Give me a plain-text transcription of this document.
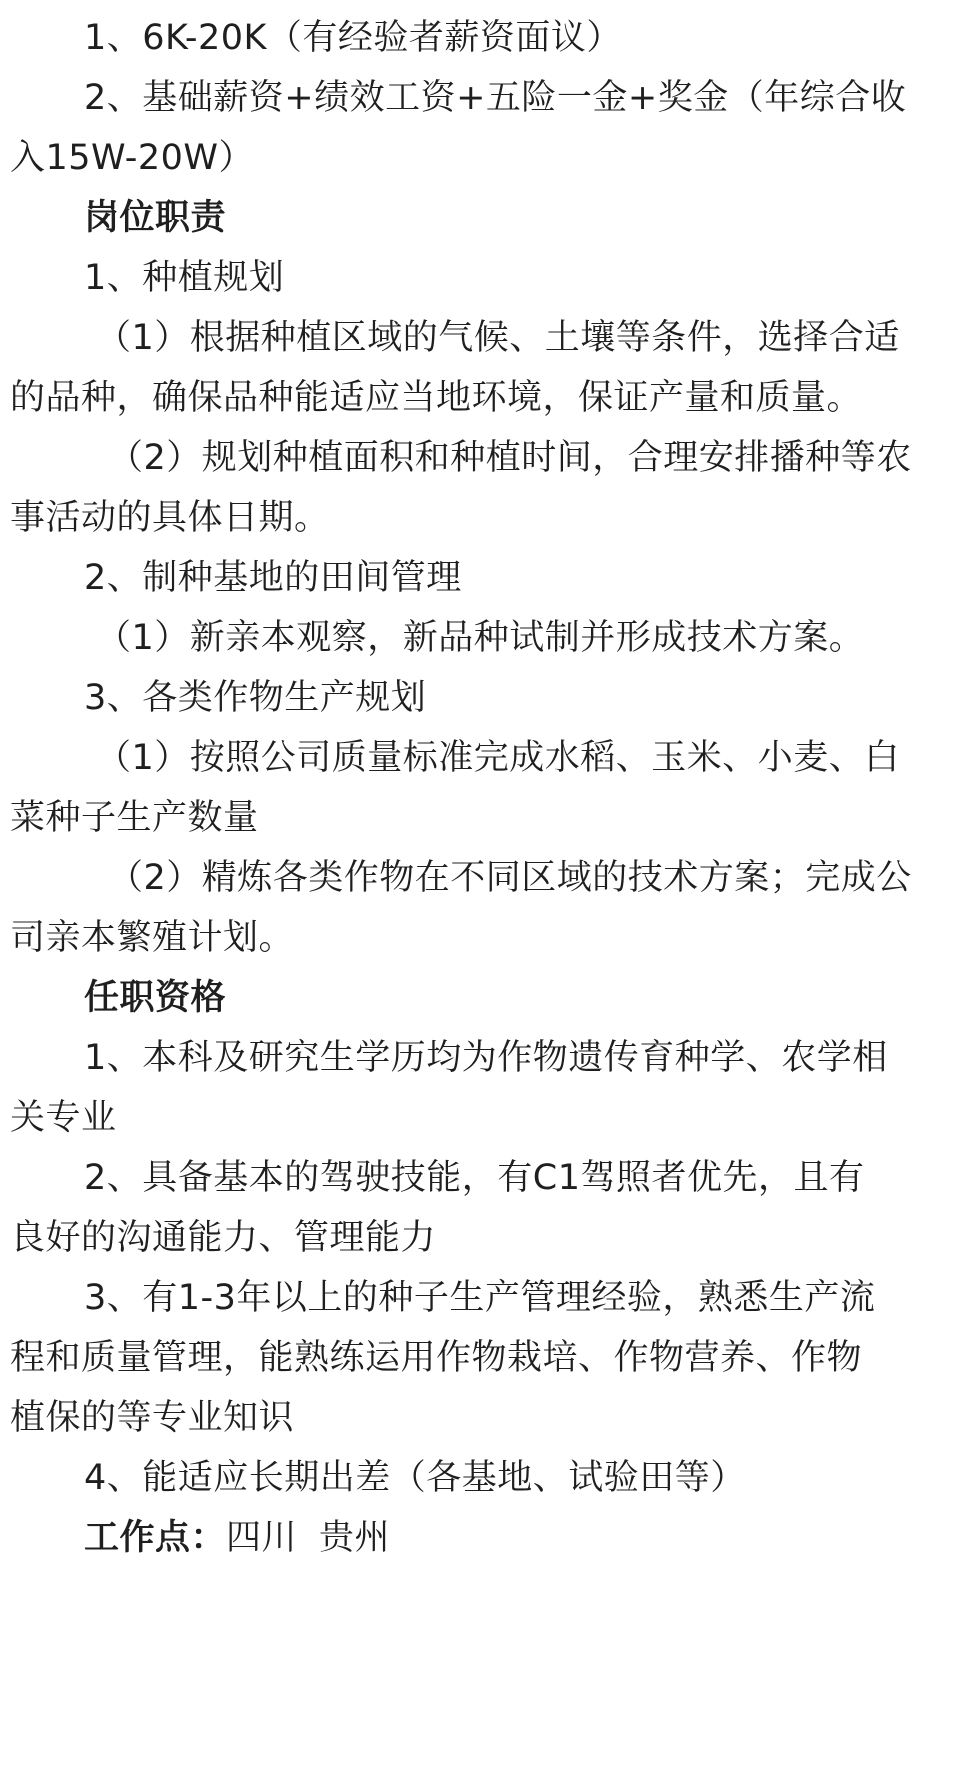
1、6K-20K（有经验者薪资面议）
2、基础薪资+绩效工资+五险一金+奖金（年综合收
入15W-20W）
岗位职责
1、种植规划
（1）根据种植区域的气候、土壤等条件，选择合适
的品种，确保品种能适应当地环境，保证产量和质量。
（2）规划种植面积和种植时间，合理安排播种等农
事活动的具体日期。
2、制种基地的田间管理
（1）新亲本观察，新品种试制并形成技术方案。
3、各类作物生产规划
（1）按照公司质量标准完成水稻、玉米、小麦、白
菜种子生产数量
（2）精炼各类作物在不同区域的技术方案；完成公
司亲本繁殖计划。
任职资格
1、本科及研究生学历均为作物遗传育种学、农学相
关专业
2、具备基本的驾驶技能，有C1驾照者优先，且有
良好的沟通能力、管理能力
3、有1-3年以上的种子生产管理经验，熟悉生产流
程和质量管理，能熟练运用作物栽培、作物营养、作物
植保的等专业知识
4、能适应长期出差（各基地、试验田等）
工作点：四川 贵州
